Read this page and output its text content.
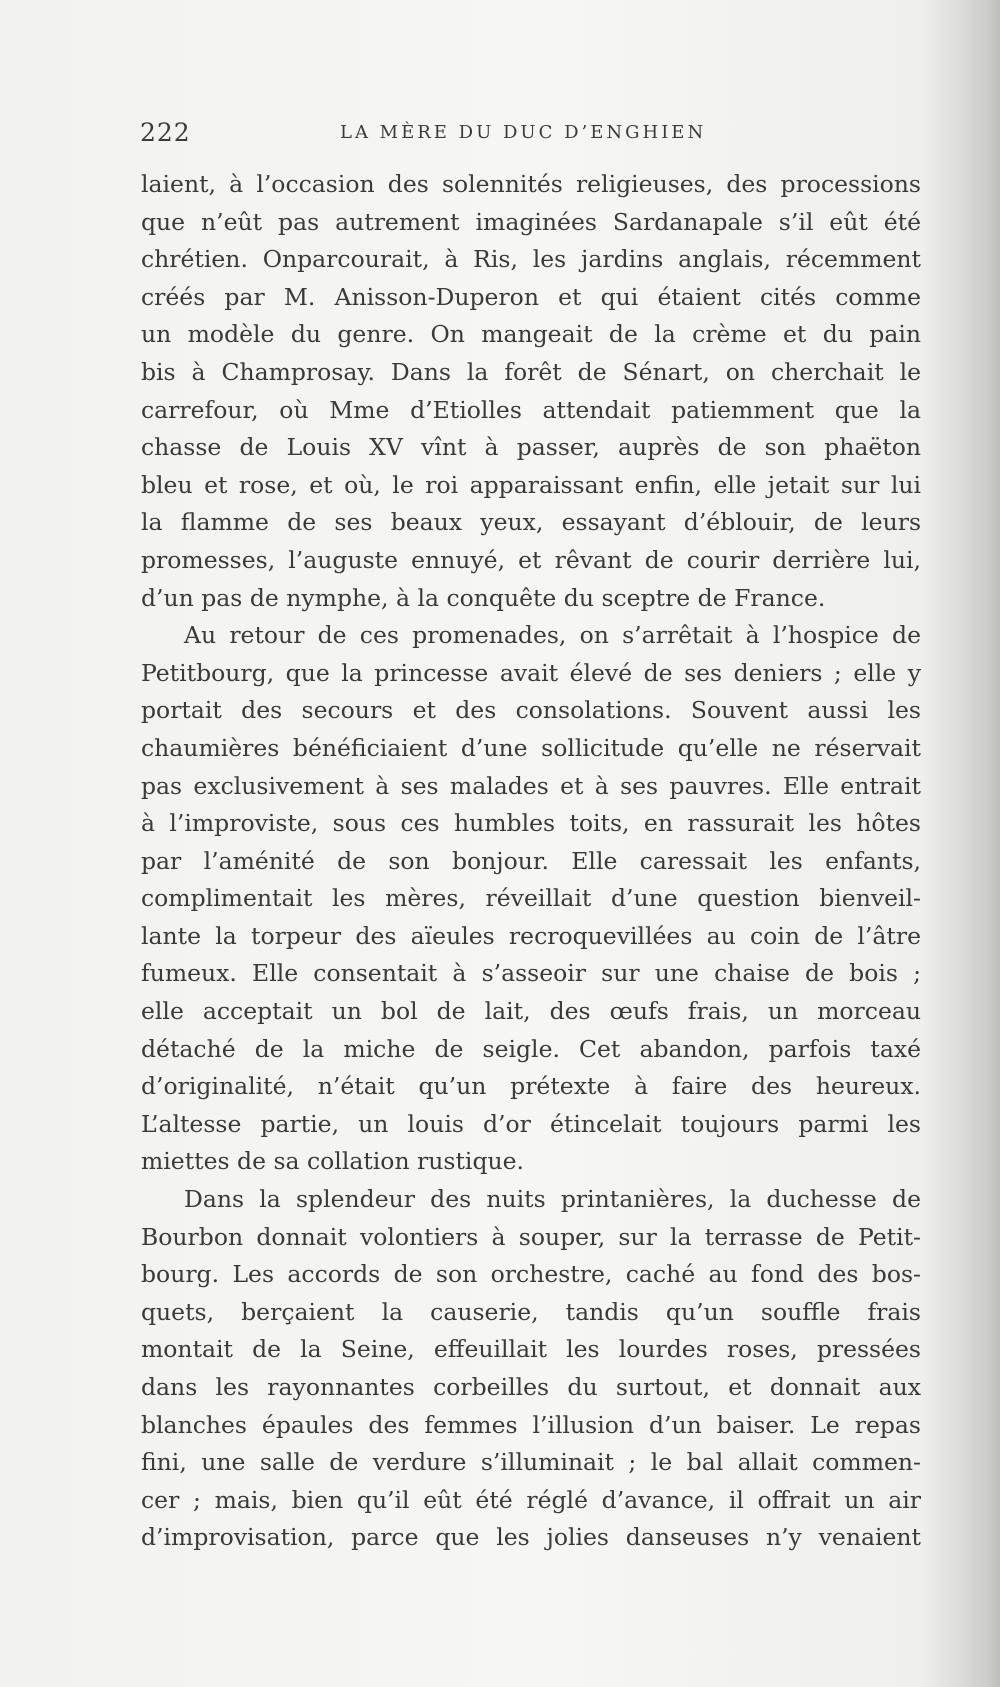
222	LA MÈRE DU DUC D’ENGHIEN
laient, à l’occasion des solennités religieuses, des processions
que n’eût pas autrement imaginées Sardanapale s’il eût été
chrétien. Onparcourait, à Ris, les jardins anglais, récemment
créés par M. Anisson-Duperon et qui étaient cités comme
un modèle du genre. On mangeait de la crème et du pain
bis à Champrosay. Dans la forêt de Sénart, on cherchait le
carrefour, où Mme d’Etiolles attendait patiemment que la
chasse de Louis XV vînt à passer, auprès de son phaëton
bleu et rose, et où, le roi apparaissant enfin, elle jetait sur lui
la flamme de ses beaux yeux, essayant d’éblouir, de leurs
promesses, l’auguste ennuyé, et rêvant de courir derrière lui,
d’un pas de nymphe, à la conquête du sceptre de France.
Au retour de ces promenades, on s’arrêtait à l’hospice de
Petitbourg, que la princesse avait élevé de ses deniers ; elle y
portait des secours et des consolations. Souvent aussi les
chaumières bénéficiaient d’une sollicitude qu’elle ne réservait
pas exclusivement à ses malades et à ses pauvres. Elle entrait
à l’improviste, sous ces humbles toits, en rassurait les hôtes
par l’aménité de son bonjour. Elle caressait les enfants,
complimentait les mères, réveillait d’une question bienveil-
lante la torpeur des aïeules recroquevillées au coin de l’âtre
fumeux. Elle consentait à s’asseoir sur une chaise de bois ;
elle acceptait un bol de lait, des œufs frais, un morceau
détaché de la miche de seigle. Cet abandon, parfois taxé
d’originalité, n’était qu’un prétexte à faire des heureux.
L’altesse partie, un louis d’or étincelait toujours parmi les
miettes de sa collation rustique.
Dans la splendeur des nuits printanières, la duchesse de
Bourbon donnait volontiers à souper, sur la terrasse de Petit-
bourg. Les accords de son orchestre, caché au fond des bos-
quets, berçaient la causerie, tandis qu’un souffle frais
montait de la Seine, effeuillait les lourdes roses, pressées
dans les rayonnantes corbeilles du surtout, et donnait aux
blanches épaules des femmes l’illusion d’un baiser. Le repas
fini, une salle de verdure s’illuminait ; le bal allait commen-
cer ; mais, bien qu’il eût été réglé d’avance, il offrait un air
d’improvisation, parce que les jolies danseuses n’y venaient
